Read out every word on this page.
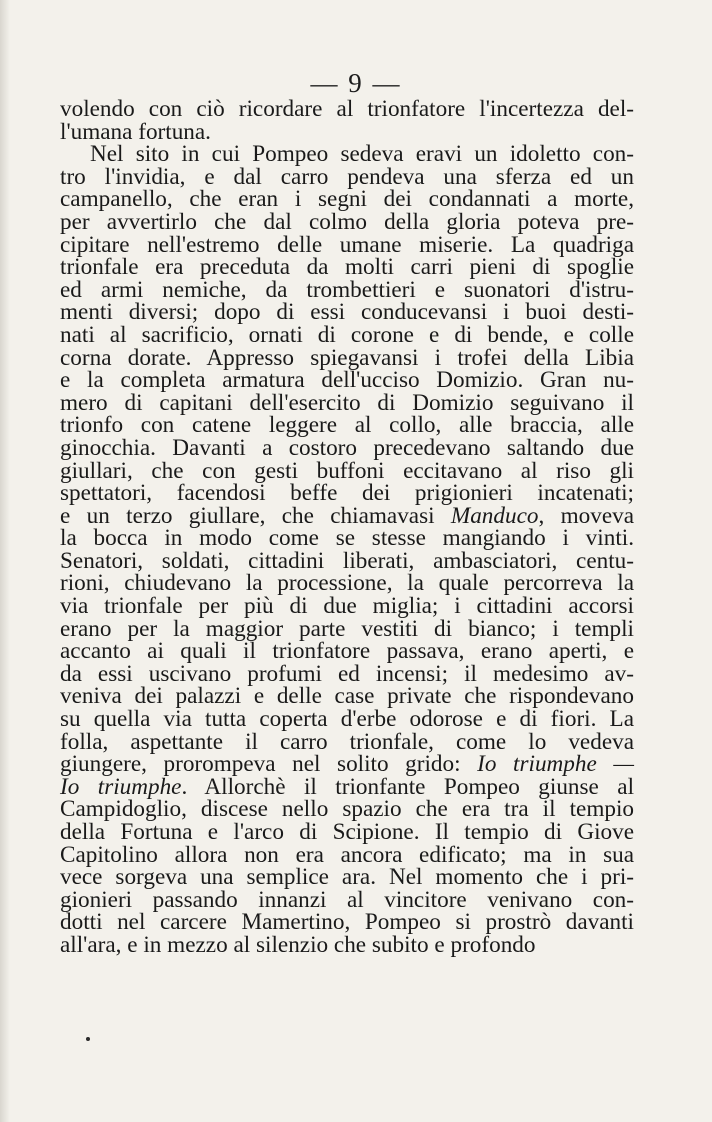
— 9 —
volendo con ciò ricordare al trionfatore l'incertezza del-
l'umana fortuna.
Nel sito in cui Pompeo sedeva eravi un idoletto con-
tro l'invidia, e dal carro pendeva una sferza ed un
campanello, che eran i segni dei condannati a morte,
per avvertirlo che dal colmo della gloria poteva pre-
cipitare nell'estremo delle umane miserie. La quadriga
trionfale era preceduta da molti carri pieni di spoglie
ed armi nemiche, da trombettieri e suonatori d'istru-
menti diversi; dopo di essi conducevansi i buoi desti-
nati al sacrificio, ornati di corone e di bende, e colle
corna dorate. Appresso spiegavansi i trofei della Libia
e la completa armatura dell'ucciso Domizio. Gran nu-
mero di capitani dell'esercito di Domizio seguivano il
trionfo con catene leggere al collo, alle braccia, alle
ginocchia. Davanti a costoro precedevano saltando due
giullari, che con gesti buffoni eccitavano al riso gli
spettatori, facendosi beffe dei prigionieri incatenati;
e un terzo giullare, che chiamavasi Manduco, moveva
la bocca in modo come se stesse mangiando i vinti.
Senatori, soldati, cittadini liberati, ambasciatori, centu-
rioni, chiudevano la processione, la quale percorreva la
via trionfale per più di due miglia; i cittadini accorsi
erano per la maggior parte vestiti di bianco; i templi
accanto ai quali il trionfatore passava, erano aperti, e
da essi uscivano profumi ed incensi; il medesimo av-
veniva dei palazzi e delle case private che rispondevano
su quella via tutta coperta d'erbe odorose e di fiori. La
folla, aspettante il carro trionfale, come lo vedeva
giungere, prorompeva nel solito grido: Io triumphe —
Io triumphe. Allorchè il trionfante Pompeo giunse al
Campidoglio, discese nello spazio che era tra il tempio
della Fortuna e l'arco di Scipione. Il tempio di Giove
Capitolino allora non era ancora edificato; ma in sua
vece sorgeva una semplice ara. Nel momento che i pri-
gionieri passando innanzi al vincitore venivano con-
dotti nel carcere Mamertino, Pompeo si prostrò davanti
all'ara, e in mezzo al silenzio che subito e profondo
